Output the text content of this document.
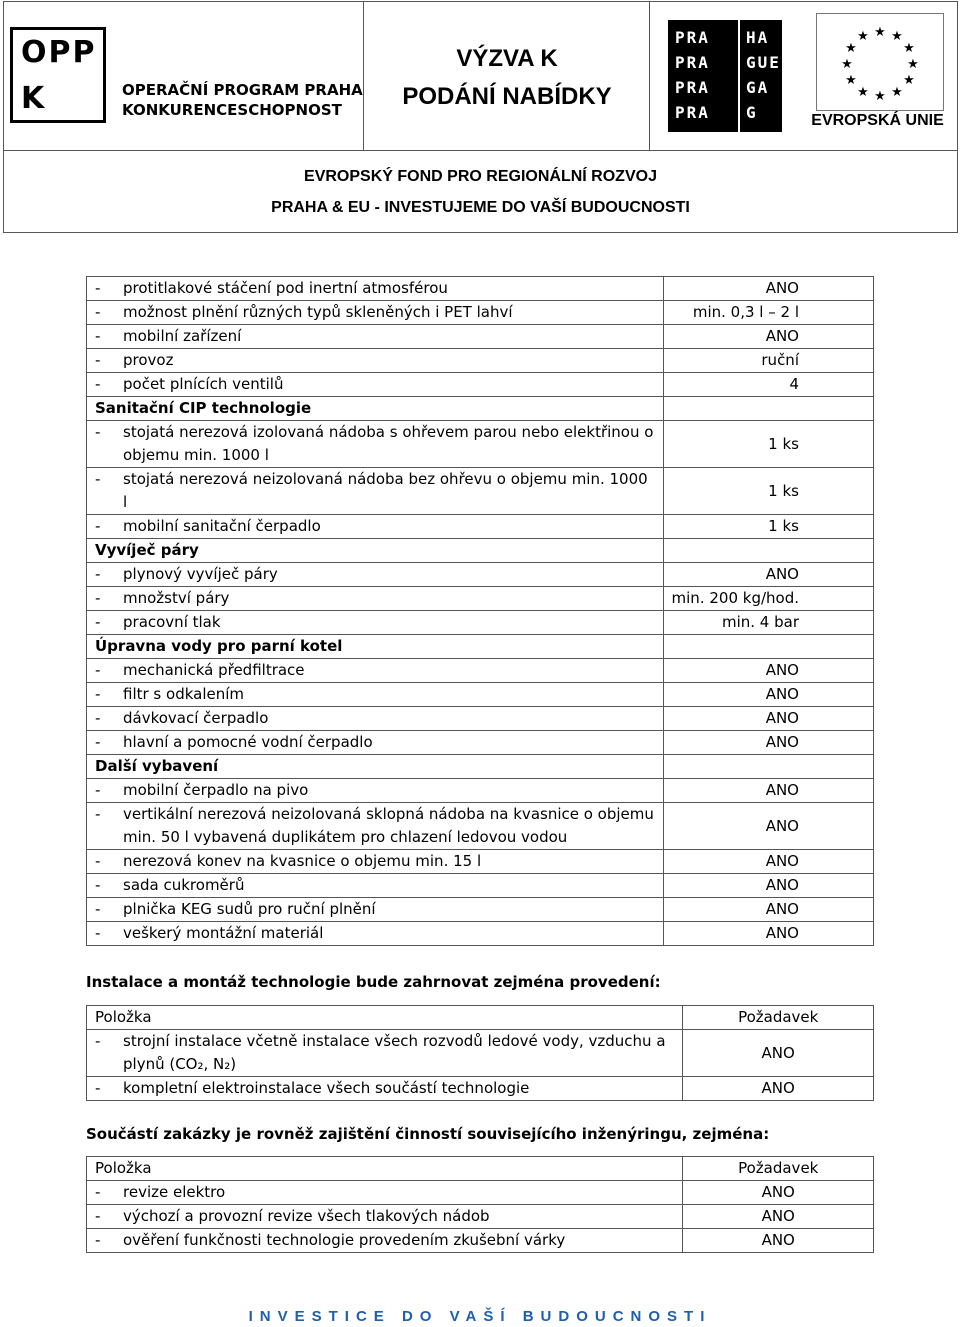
OPP
K	OPERAČNÍ PROGRAM PRAHA
KONKURENCESCHOPNOST
VÝZVA K
PODÁNÍ NABÍDKY
PRA
PRA
PRA
PRA
HA
GUE
GA
G
★ ★
★
★
★
★
★
★
★
★
★
★
EVROPSKÁ UNIE
EVROPSKÝ FOND PRO REGIONÁLNÍ ROZVOJ
PRAHA & EU - INVESTUJEME DO VAŠÍ BUDOUCNOSTI
- protitlakové stáčení pod inertní atmosférou	ANO
- možnost plnění různých typů skleněných i PET lahví	min. 0,3 l – 2 l
- mobilní zařízení	ANO
- provoz	ruční
- počet plnících ventilů	4
Sanitační CIP technologie	
- stojatá nerezová izolovaná nádoba s ohřevem parou nebo elektřinou o
objemu min. 1000 l	1 ks
- stojatá nerezová neizolovaná nádoba bez ohřevu o objemu min. 1000
l	1 ks
- mobilní sanitační čerpadlo	1 ks
Vyvíječ páry	
- plynový vyvíječ páry	ANO
- množství páry	min. 200 kg/hod.
- pracovní tlak	min. 4 bar
Úpravna vody pro parní kotel	
- mechanická předfiltrace	ANO
- filtr s odkalením	ANO
- dávkovací čerpadlo	ANO
- hlavní a pomocné vodní čerpadlo	ANO
Další vybavení	
- mobilní čerpadlo na pivo	ANO
- vertikální nerezová neizolovaná sklopná nádoba na kvasnice o objemu
min. 50 l vybavená duplikátem pro chlazení ledovou vodou	ANO
- nerezová konev na kvasnice o objemu min. 15 l	ANO
- sada cukroměrů	ANO
- plnička KEG sudů pro ruční plnění	ANO
- veškerý montážní materiál	ANO
Instalace a montáž technologie bude zahrnovat zejména provedení:
Položka	Požadavek
- strojní instalace včetně instalace všech rozvodů ledové vody, vzduchu a
plynů (CO₂, N₂)	ANO
- kompletní elektroinstalace všech součástí technologie	ANO
Součástí zakázky je rovněž zajištění činností souvisejícího inženýringu, zejména:
Položka	Požadavek
- revize elektro	ANO
- výchozí a provozní revize všech tlakových nádob	ANO
- ověření funkčnosti technologie provedením zkušební várky	ANO
INVESTICE DO VAŠÍ BUDOUCNOSTI
